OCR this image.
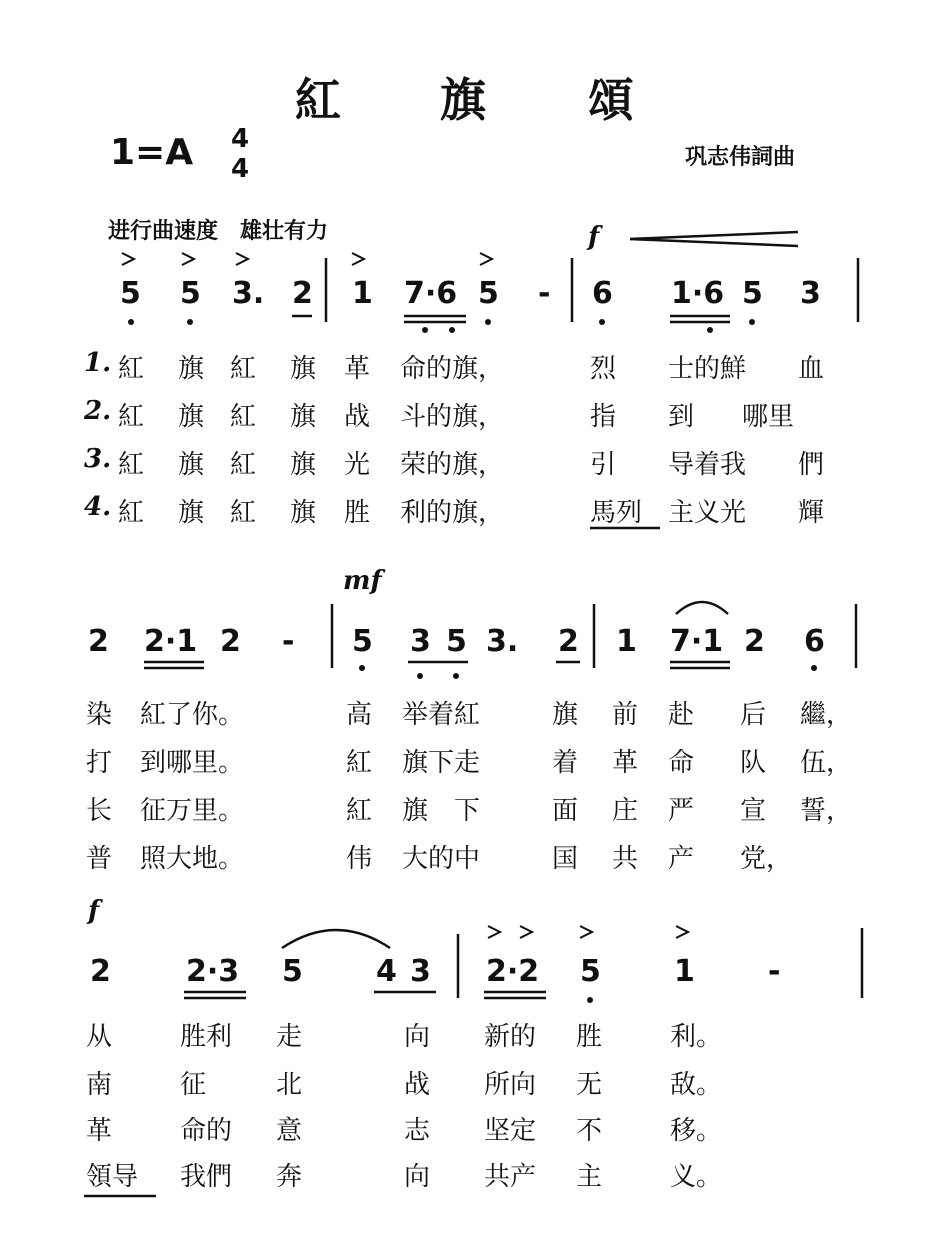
紅 旗 頌
1=A 4
4	巩志伟詞曲
进行曲速度　雄壮有力	f
mf
f
5 5 3. 2 1 7·6 5 - 6 1·6 5 3
1. 紅 旗 紅 旗 革 命的旗，	烈 士的鮮 血
2. 紅 旗 紅 旗 战 斗的旗，	指 到 哪里
3. 紅 旗 紅 旗 光 荣的旗，	引 导着我 們
4. 紅 旗 紅 旗 胜 利的旗，	馬列 主义光 輝
2 2·1 2 - 5 3 5 3. 2 1 7·1 2 6
染 紅了你。	高 举着紅	旗 前 赴 后 繼，
打 到哪里。	紅 旗下走	着 革 命 队 伍，
长 征万里。	紅 旗　下	面 庄 严 宣 誓，
普 照大地。	伟 大的中	国 共 产 党，
2	2·3 5 4 3 2·2 5 1 -
从	胜利 走	向 新的 胜	利。
南	征	北	战 所向 无	敌。
革	命的 意	志 坚定 不	移。
領导 我們 奔	向 共产 主	义。
